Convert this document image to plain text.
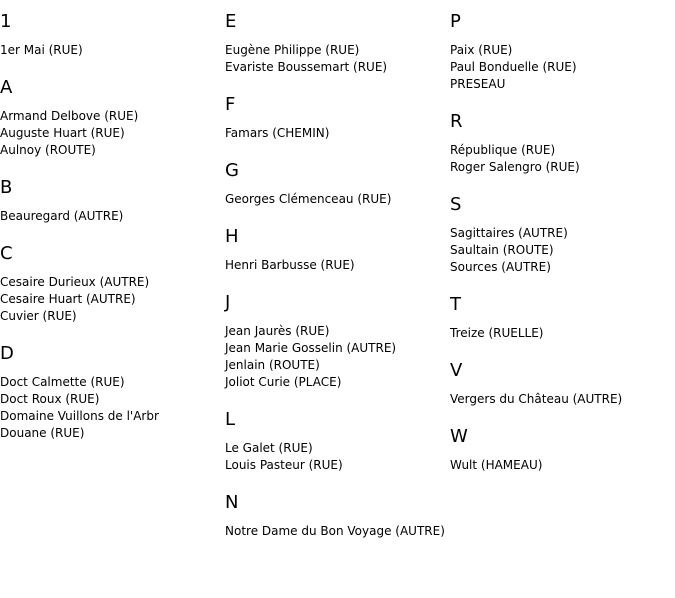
1
1er Mai (RUE)
A
Armand Delbove (RUE)
Auguste Huart (RUE)
Aulnoy (ROUTE)
B
Beauregard (AUTRE)
C
Cesaire Durieux (AUTRE)
Cesaire Huart (AUTRE)
Cuvier (RUE)
D
Doct Calmette (RUE)
Doct Roux (RUE)
Domaine Vuillons de l'Arbr
Douane (RUE)
E
Eugène Philippe (RUE)
Evariste Boussemart (RUE)
F
Famars (CHEMIN)
G
Georges Clémenceau (RUE)
H
Henri Barbusse (RUE)
J
Jean Jaurès (RUE)
Jean Marie Gosselin (AUTRE)
Jenlain (ROUTE)
Joliot Curie (PLACE)
L
Le Galet (RUE)
Louis Pasteur (RUE)
N
Notre Dame du Bon Voyage (AUTRE)
P
Paix (RUE)
Paul Bonduelle (RUE)
PRESEAU
R
République (RUE)
Roger Salengro (RUE)
S
Sagittaires (AUTRE)
Saultain (ROUTE)
Sources (AUTRE)
T
Treize (RUELLE)
V
Vergers du Château (AUTRE)
W
Wult (HAMEAU)
